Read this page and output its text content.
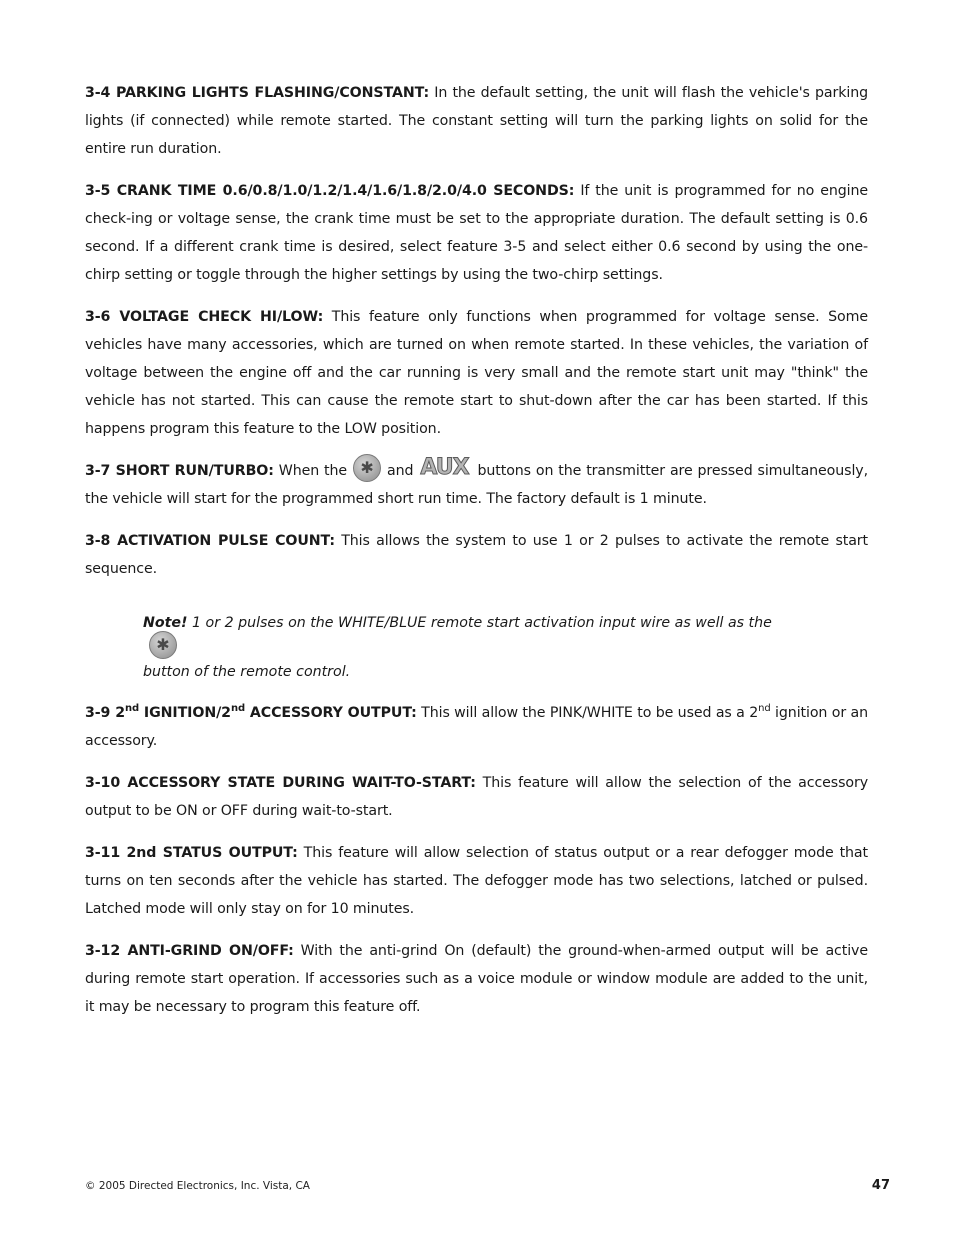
3-4 PARKING LIGHTS FLASHING/CONSTANT: In the default setting, the unit will flash the vehicle's parking lights (if connected) while remote started. The constant setting will turn the parking lights on solid for the entire run duration.

3-5 CRANK TIME 0.6/0.8/1.0/1.2/1.4/1.6/1.8/2.0/4.0 SECONDS: If the unit is programmed for no engine check-ing or voltage sense, the crank time must be set to the appropriate duration. The default setting is 0.6 second. If a different crank time is desired, select feature 3-5 and select either 0.6 second by using the one-chirp setting or toggle through the higher settings by using the two-chirp settings.

3-6 VOLTAGE CHECK HI/LOW: This feature only functions when programmed for voltage sense. Some vehicles have many accessories, which are turned on when remote started. In these vehicles, the variation of voltage between the engine off and the car running is very small and the remote start unit may "think" the vehicle has not started. This can cause the remote start to shut-down after the car has been started. If this happens program this feature to the LOW position.

3-7 SHORT RUN/TURBO: When the✱	and AUX buttons on the transmitter are pressed simultaneously, the vehicle will start for the programmed short run time. The factory default is 1 minute.

3-8 ACTIVATION PULSE COUNT: This allows the system to use 1 or 2 pulses to activate the remote start sequence.

Note! 1 or 2 pulses on the WHITE/BLUE remote start activation input wire as well as the✱
button of the remote control.

3-9 2nd IGNITION/2nd ACCESSORY OUTPUT: This will allow the PINK/WHITE to be used as a 2nd ignition or an accessory.

3-10 ACCESSORY STATE DURING WAIT-TO-START: This feature will allow the selection of the accessory output to be ON or OFF during wait-to-start.

3-11 2nd STATUS OUTPUT: This feature will allow selection of status output or a rear defogger mode that turns on ten seconds after the vehicle has started. The defogger mode has two selections, latched or pulsed. Latched mode will only stay on for 10 minutes.

3-12 ANTI-GRIND ON/OFF: With the anti-grind On (default) the ground-when-armed output will be active during remote start operation. If accessories such as a voice module or window module are added to the unit, it may be necessary to program this feature off.

© 2005 Directed Electronics, Inc. Vista, CA	47
